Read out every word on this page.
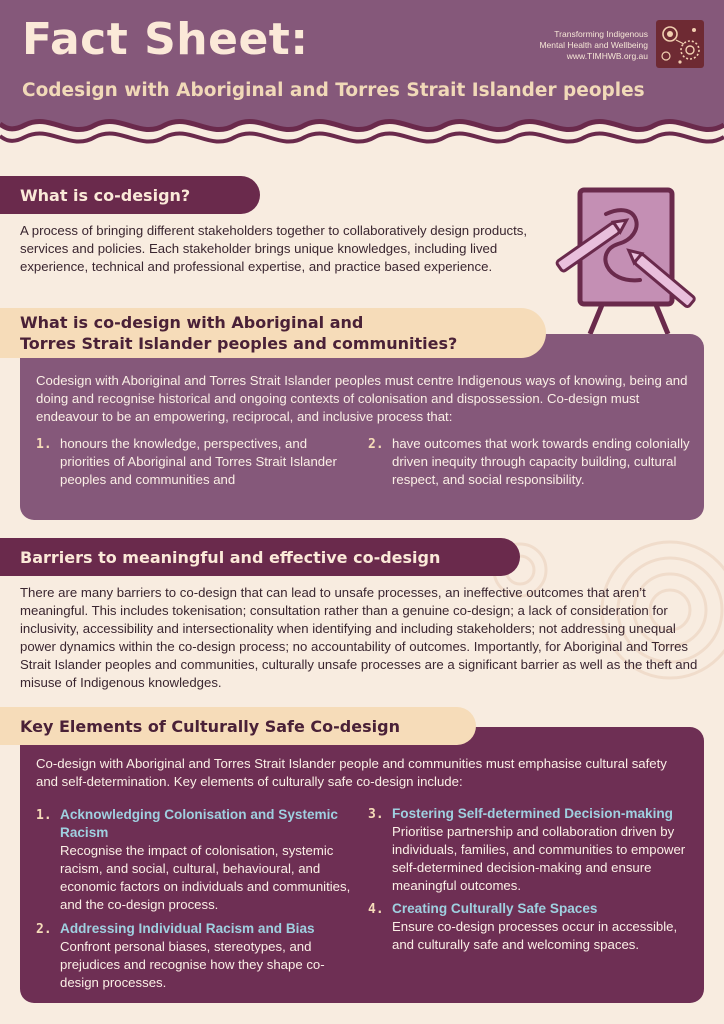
Fact Sheet:
Codesign with Aboriginal and Torres Strait Islander peoples
Transforming Indigenous
Mental Health and Wellbeing
www.TIMHWB.org.au
What is co-design?
A process of bringing different stakeholders together to collaboratively design products, services and policies. Each stakeholder brings unique knowledges, including lived experience, technical and professional expertise, and practice based experience.
Codesign with Aboriginal and Torres Strait Islander peoples must centre Indigenous ways of knowing, being and doing and recognise historical and ongoing contexts of colonisation and dispossession. Co-design must endeavour to be an empowering, reciprocal, and inclusive process that:
1. honours the knowledge, perspectives, and priorities of Aboriginal and Torres Strait Islander peoples and communities and
2. have outcomes that work towards ending colonially driven inequity through capacity building, cultural respect, and social responsibility.
What is co-design with Aboriginal and
Torres Strait Islander peoples and communities?
Barriers to meaningful and effective co-design
There are many barriers to co-design that can lead to unsafe processes, an ineffective outcomes that aren’t meaningful. This includes tokenisation; consultation rather than a genuine co-design; a lack of consideration for inclusivity, accessibility and intersectionality when identifying and including stakeholders; not addressing unequal power dynamics within the co-design process; no accountability of outcomes. Importantly, for Aboriginal and Torres Strait Islander peoples and communities, culturally unsafe processes are a significant barrier as well as the theft and misuse of Indigenous knowledges.
Co-design with Aboriginal and Torres Strait Islander people and communities must emphasise cultural safety and self-determination. Key elements of culturally safe co-design include:
1. Acknowledging Colonisation and Systemic Racism
Recognise the impact of colonisation, systemic racism, and social, cultural, behavioural, and economic factors on individuals and communities, and the co-design process.
2. Addressing Individual Racism and Bias
Confront personal biases, stereotypes, and prejudices and recognise how they shape co-design processes.
3. Fostering Self-determined Decision-making
Prioritise partnership and collaboration driven by individuals, families, and communities to empower self-determined decision-making and ensure meaningful outcomes.
4. Creating Culturally Safe Spaces
Ensure co-design processes occur in accessible, and culturally safe and welcoming spaces.
Key Elements of Culturally Safe Co-design
